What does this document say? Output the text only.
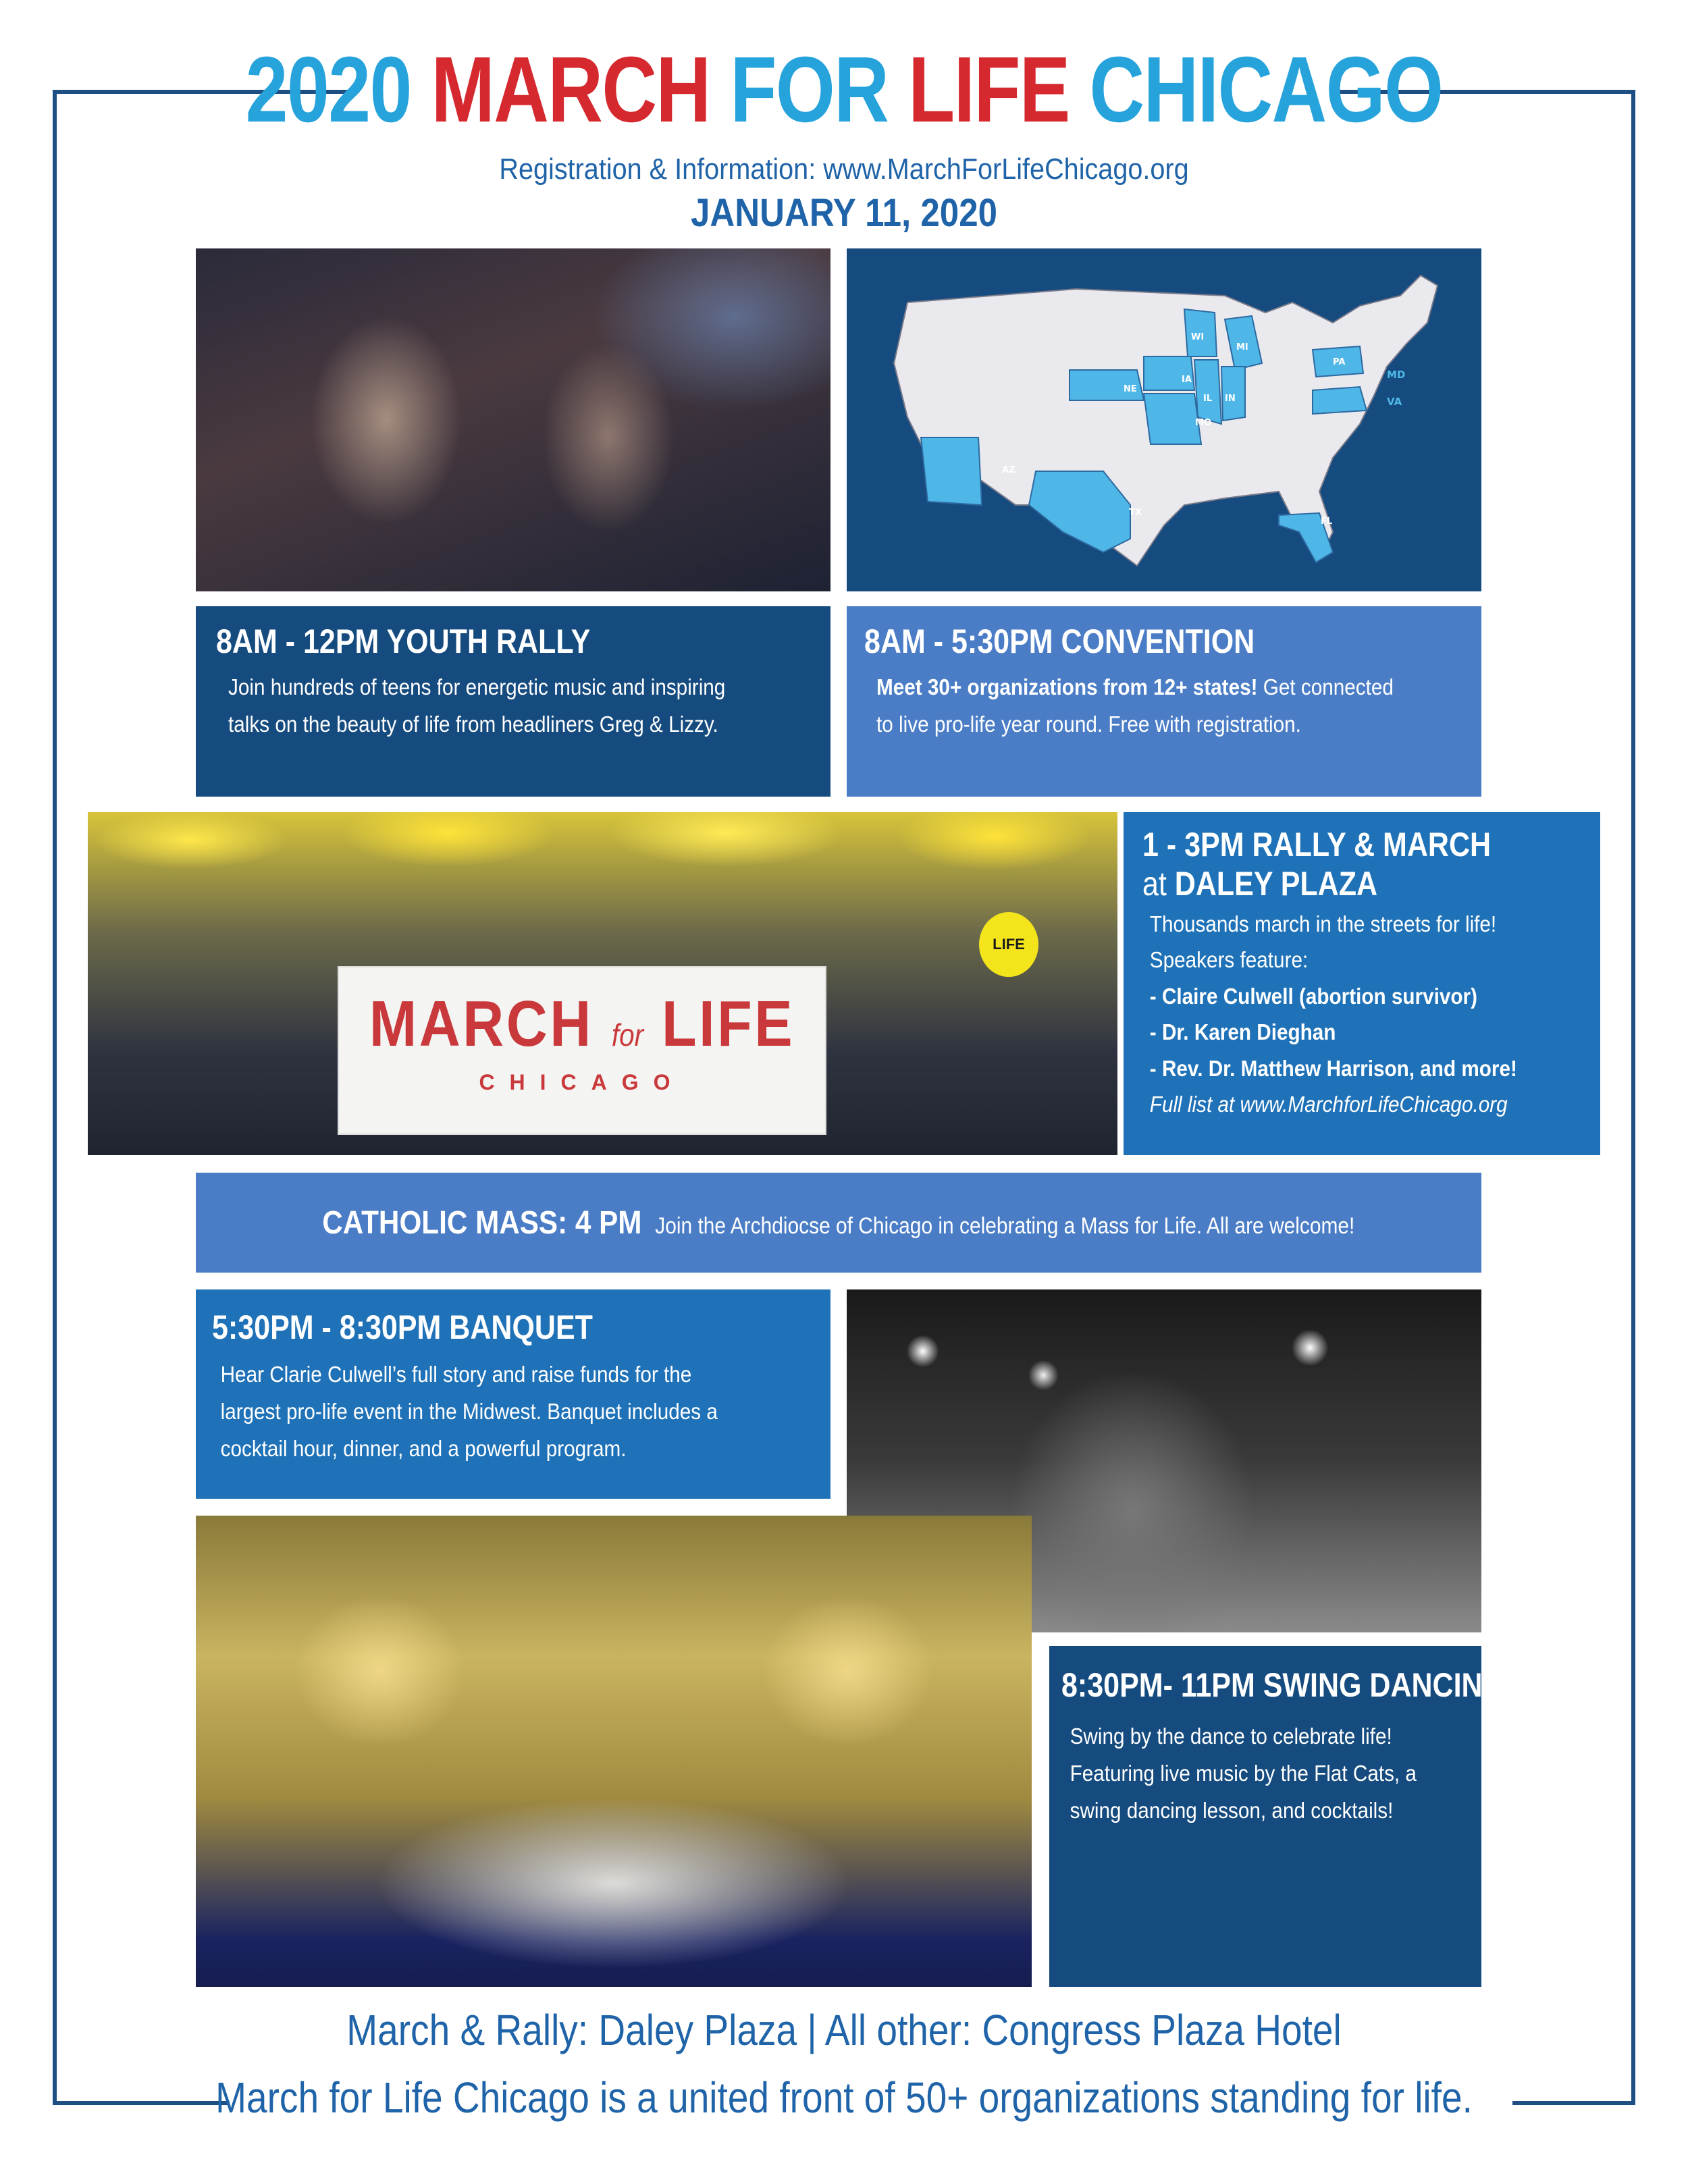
2020 MARCH FOR LIFE CHICAGO
Registration & Information: www.MarchForLifeChicago.org
JANUARY 11, 2020
WI
MI
PA
NE
IA
IL IN
MO
AZ
TX
FL
MD
VA
8AM - 12PM YOUTH RALLY
Join hundreds of teens for energetic music and inspiring
talks on the beauty of life from headliners Greg & Lizzy.
8AM - 5:30PM CONVENTION
Meet 30+ organizations from 12+ states! Get connected
to live pro-life year round. Free with registration.
MARCH for LIFE
CHICAGO
LIFE
1 - 3PM RALLY & MARCH
at DALEY PLAZA
Thousands march in the streets for life!
Speakers feature:
- Claire Culwell (abortion survivor)
- Dr. Karen Dieghan
- Rev. Dr. Matthew Harrison, and more!
Full list at www.MarchforLifeChicago.org
CATHOLIC MASS: 4 PM Join the Archdiocse of Chicago in celebrating a Mass for Life. All are welcome!
5:30PM - 8:30PM BANQUET
Hear Clarie Culwell’s full story and raise funds for the
largest pro-life event in the Midwest. Banquet includes a
cocktail hour, dinner, and a powerful program.
8:30PM- 11PM SWING DANCING
Swing by the dance to celebrate life!
Featuring live music by the Flat Cats, a
swing dancing lesson, and cocktails!
March & Rally: Daley Plaza | All other: Congress Plaza Hotel
March for Life Chicago is a united front of 50+ organizations standing for life.
